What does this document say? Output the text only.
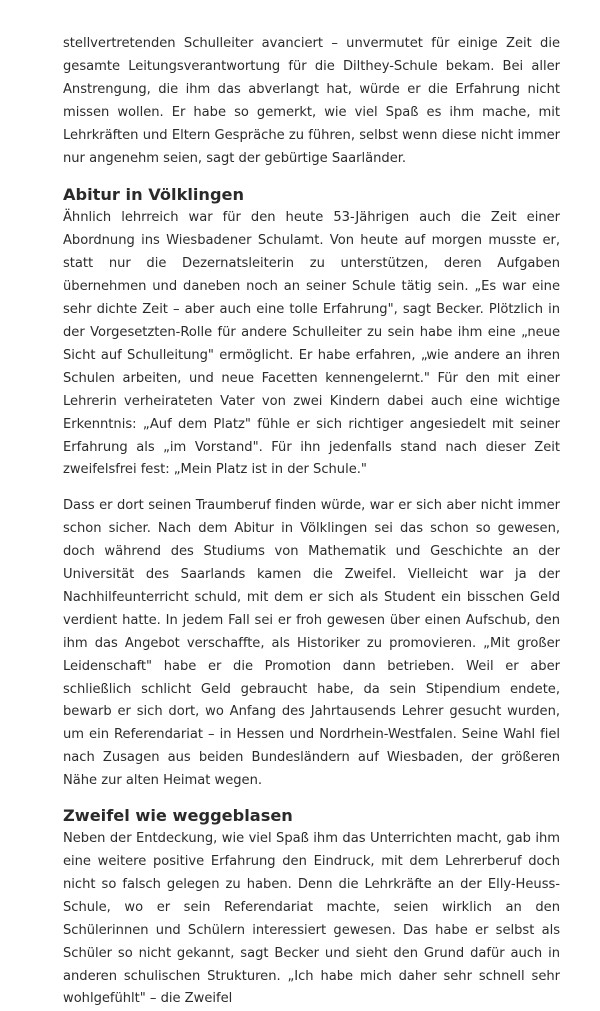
stellvertretenden Schulleiter avanciert – unvermutet für einige Zeit die gesamte Leitungsverantwortung für die Dilthey-Schule bekam. Bei aller Anstrengung, die ihm das abverlangt hat, würde er die Erfahrung nicht missen wollen. Er habe so gemerkt, wie viel Spaß es ihm mache, mit Lehrkräften und Eltern Gespräche zu führen, selbst wenn diese nicht immer nur angenehm seien, sagt der gebürtige Saarländer.

Abitur in Völklingen

Ähnlich lehrreich war für den heute 53-Jährigen auch die Zeit einer Abordnung ins Wiesbadener Schulamt. Von heute auf morgen musste er, statt nur die Dezernatsleiterin zu unterstützen, deren Aufgaben übernehmen und daneben noch an seiner Schule tätig sein. „Es war eine sehr dichte Zeit – aber auch eine tolle Erfahrung", sagt Becker. Plötzlich in der Vorgesetzten-Rolle für andere Schulleiter zu sein habe ihm eine „neue Sicht auf Schulleitung" ermöglicht. Er habe erfahren, „wie andere an ihren Schulen arbeiten, und neue Facetten kennengelernt." Für den mit einer Lehrerin verheirateten Vater von zwei Kindern dabei auch eine wichtige Erkenntnis: „Auf dem Platz" fühle er sich richtiger angesiedelt mit seiner Erfahrung als „im Vorstand". Für ihn jedenfalls stand nach dieser Zeit zweifelsfrei fest: „Mein Platz ist in der Schule."

Dass er dort seinen Traumberuf finden würde, war er sich aber nicht immer schon sicher. Nach dem Abitur in Völklingen sei das schon so gewesen, doch während des Studiums von Mathematik und Geschichte an der Universität des Saarlands kamen die Zweifel. Vielleicht war ja der Nachhilfeunterricht schuld, mit dem er sich als Student ein bisschen Geld verdient hatte. In jedem Fall sei er froh gewesen über einen Aufschub, den ihm das Angebot verschaffte, als Historiker zu promovieren. „Mit großer Leidenschaft" habe er die Promotion dann betrieben. Weil er aber schließlich schlicht Geld gebraucht habe, da sein Stipendium endete, bewarb er sich dort, wo Anfang des Jahrtausends Lehrer gesucht wurden, um ein Referendariat – in Hessen und Nordrhein-Westfalen. Seine Wahl fiel nach Zusagen aus beiden Bundesländern auf Wiesbaden, der größeren Nähe zur alten Heimat wegen.

Zweifel wie weggeblasen

Neben der Entdeckung, wie viel Spaß ihm das Unterrichten macht, gab ihm eine weitere positive Erfahrung den Eindruck, mit dem Lehrerberuf doch nicht so falsch gelegen zu haben. Denn die Lehrkräfte an der Elly-Heuss-Schule, wo er sein Referendariat machte, seien wirklich an den Schülerinnen und Schülern interessiert gewesen. Das habe er selbst als Schüler so nicht gekannt, sagt Becker und sieht den Grund dafür auch in anderen schulischen Strukturen. „Ich habe mich daher sehr schnell sehr wohlgefühlt" – die Zweifel
